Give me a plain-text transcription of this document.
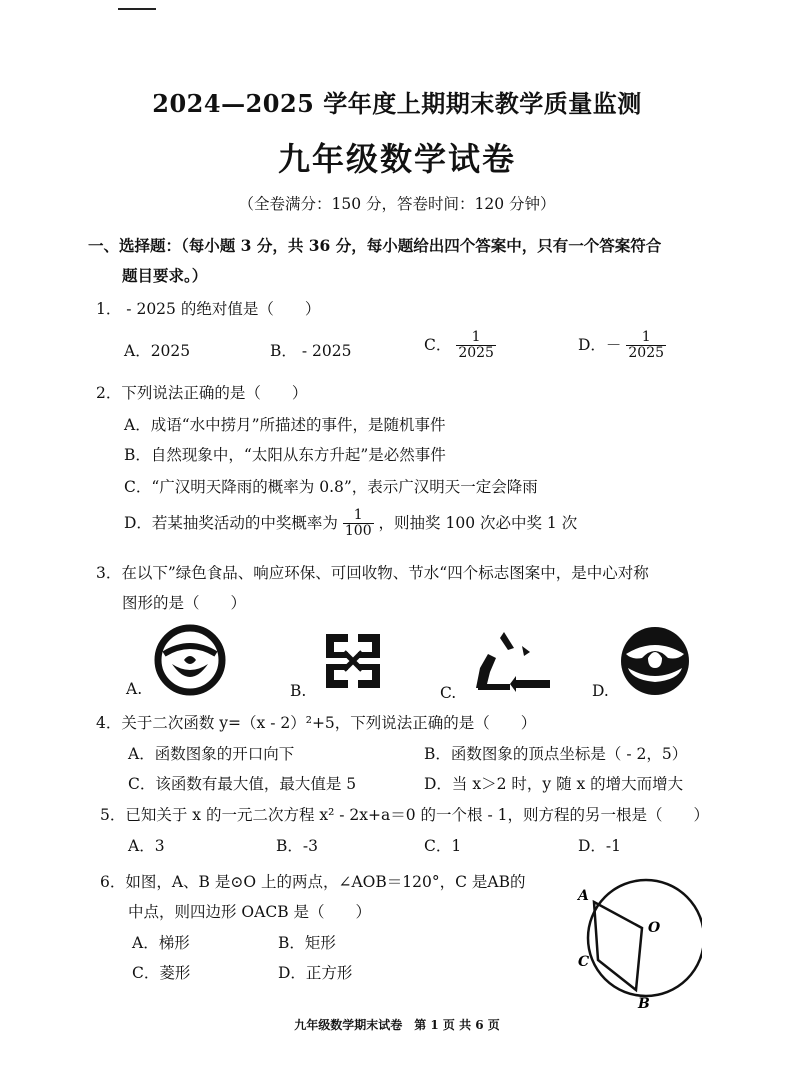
2024—2025 学年度上期期末教学质量监测
九年级数学试卷
（全卷满分：150 分，答卷时间：120 分钟）
一、选择题：（每小题 3 分，共 36 分，每小题给出四个答案中，只有一个答案符合
题目要求。）
1． - 2025 的绝对值是（　　）
A．2025	B． - 2025	C． $\frac{1}{2025}$	D．－ $\frac{1}{2025}$
2．下列说法正确的是（　　）
A．成语“水中捞月”所描述的事件，是随机事件
B．自然现象中，“太阳从东方升起”是必然事件
C．“广汉明天降雨的概率为 0.8”，表示广汉明天一定会降雨
D．若某抽奖活动的中奖概率为 $\frac{1}{100}$ ，则抽奖 100 次必中奖 1 次
3．在以下”绿色食品、响应环保、可回收物、节水“四个标志图案中，是中心对称
图形的是（　　）
A.	B.	C.	D.
4．关于二次函数 y=（x - 2）²+5，下列说法正确的是（　　）
A．函数图象的开口向下	B．函数图象的顶点坐标是（ - 2，5）
C．该函数有最大值，最大值是 5	D．当 x＞2 时，y 随 x 的增大而增大
5．已知关于 x 的一元二次方程 x² - 2x+a＝0 的一个根 - 1，则方程的另一根是（　　）
A．3	B．-3	C．1	D．-1
6．如图，A、B 是⊙O 上的两点，∠AOB＝120°，C 是AB的
中点，则四边形 OACB 是（　　）
A．梯形	B．矩形
C．菱形	D．正方形
A
O
C
B
九年级数学期末试卷　第 1 页 共 6 页
